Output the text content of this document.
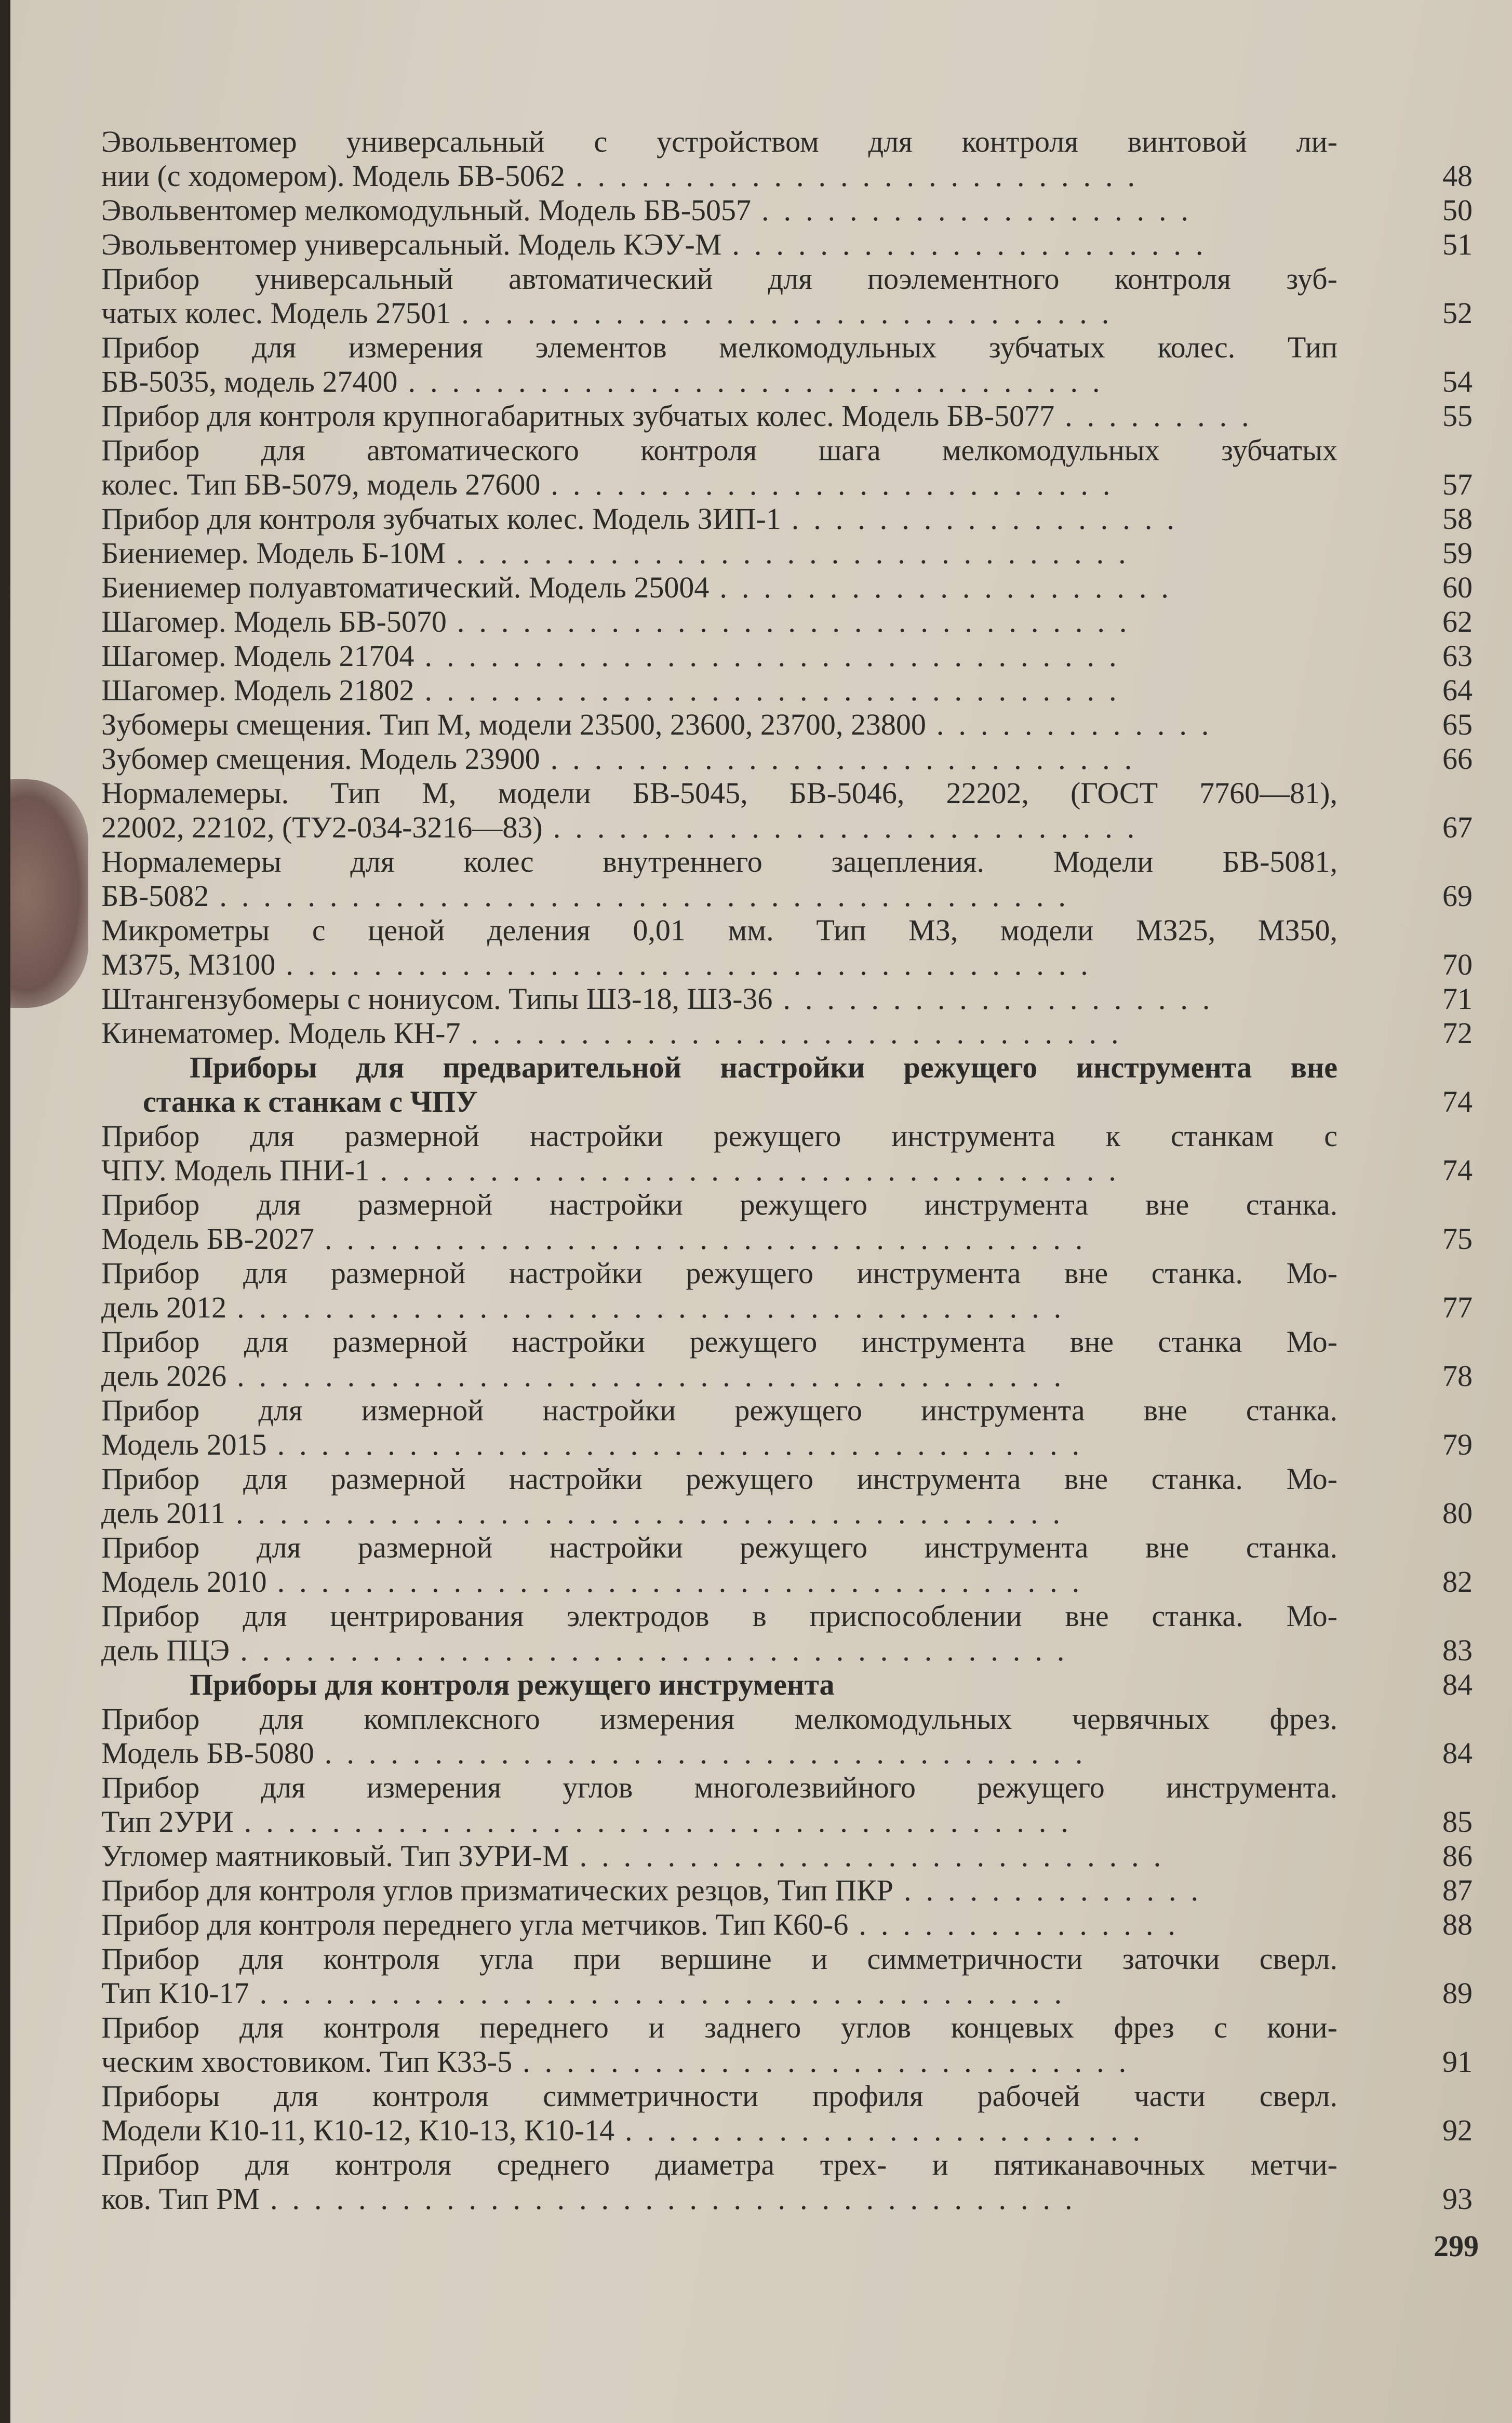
Эвольвентомер универсальный с устройством для контроля винтовой ли-
нии (с ходомером). Модель БВ-5062 ..........................	48
Эвольвентомер мелкомодульный. Модель БВ-5057 ....................	50
Эвольвентомер универсальный. Модель КЭУ-М ......................	51
Прибор универсальный автоматический для поэлементного контроля зуб-
чатых колес. Модель 27501 ..............................	52
Прибор для измерения элементов мелкомодульных зубчатых колес. Тип
БВ-5035, модель 27400 ................................	54
Прибор для контроля крупногабаритных зубчатых колес. Модель БВ-5077 .........	55
Прибор для автоматического контроля шага мелкомодульных зубчатых
колес. Тип БВ-5079, модель 27600 ..........................	57
Прибор для контроля зубчатых колес. Модель ЗИП-1 ..................	58
Биениемер. Модель Б-10М ...............................	59
Биениемер полуавтоматический. Модель 25004 .....................	60
Шагомер. Модель БВ-5070 ...............................	62
Шагомер. Модель 21704 ................................	63
Шагомер. Модель 21802 ................................	64
Зубомеры смещения. Тип М, модели 23500, 23600, 23700, 23800 .............	65
Зубомер смещения. Модель 23900 ...........................	66
Нормалемеры. Тип М, модели БВ-5045, БВ-5046, 22202, (ГОСТ 7760—81),
22002, 22102, (ТУ2-034-3216—83) ...........................	67
Нормалемеры для колес внутреннего зацепления. Модели БВ-5081,
БВ-5082 .......................................	69
Микрометры с ценой деления 0,01 мм. Тип МЗ, модели МЗ25, МЗ50,
МЗ75, МЗ100 .....................................	70
Штангензубомеры с нониусом. Типы ШЗ-18, ШЗ-36 ....................	71
Кинематомер. Модель КН-7 ..............................	72
Приборы для предварительной настройки режущего инструмента вне
станка к станкам с ЧПУ	74
Прибор для размерной настройки режущего инструмента к станкам с
ЧПУ. Модель ПНИ-1 ..................................	74
Прибор для размерной настройки режущего инструмента вне станка.
Модель БВ-2027 ...................................	75
Прибор для размерной настройки режущего инструмента вне станка. Мо-
дель 2012 ......................................	77
Прибор для размерной настройки режущего инструмента вне станка Мо-
дель 2026 ......................................	78
Прибор для измерной настройки режущего инструмента вне станка.
Модель 2015 .....................................	79
Прибор для размерной настройки режущего инструмента вне станка. Мо-
дель 2011 ......................................	80
Прибор для размерной настройки режущего инструмента вне станка.
Модель 2010 .....................................	82
Прибор для центрирования электродов в приспособлении вне станка. Мо-
дель ПЦЭ ......................................	83
Приборы для контроля режущего инструмента	84
Прибор для комплексного измерения мелкомодульных червячных фрез.
Модель БВ-5080 ...................................	84
Прибор для измерения углов многолезвийного режущего инструмента.
Тип 2УРИ ......................................	85
Угломер маятниковый. Тип ЗУРИ-М ...........................	86
Прибор для контроля углов призматических резцов, Тип ПКР ..............	87
Прибор для контроля переднего угла метчиков. Тип К60-6 ...............	88
Прибор для контроля угла при вершине и симметричности заточки сверл.
Тип К10-17 .....................................	89
Прибор для контроля переднего и заднего углов концевых фрез с кони-
ческим хвостовиком. Тип К33-5 ............................	91
Приборы для контроля симметричности профиля рабочей части сверл.
Модели К10-11, К10-12, К10-13, К10-14 ........................	92
Прибор для контроля среднего диаметра трех- и пятиканавочных метчи-
ков. Тип РМ .....................................	93
299
